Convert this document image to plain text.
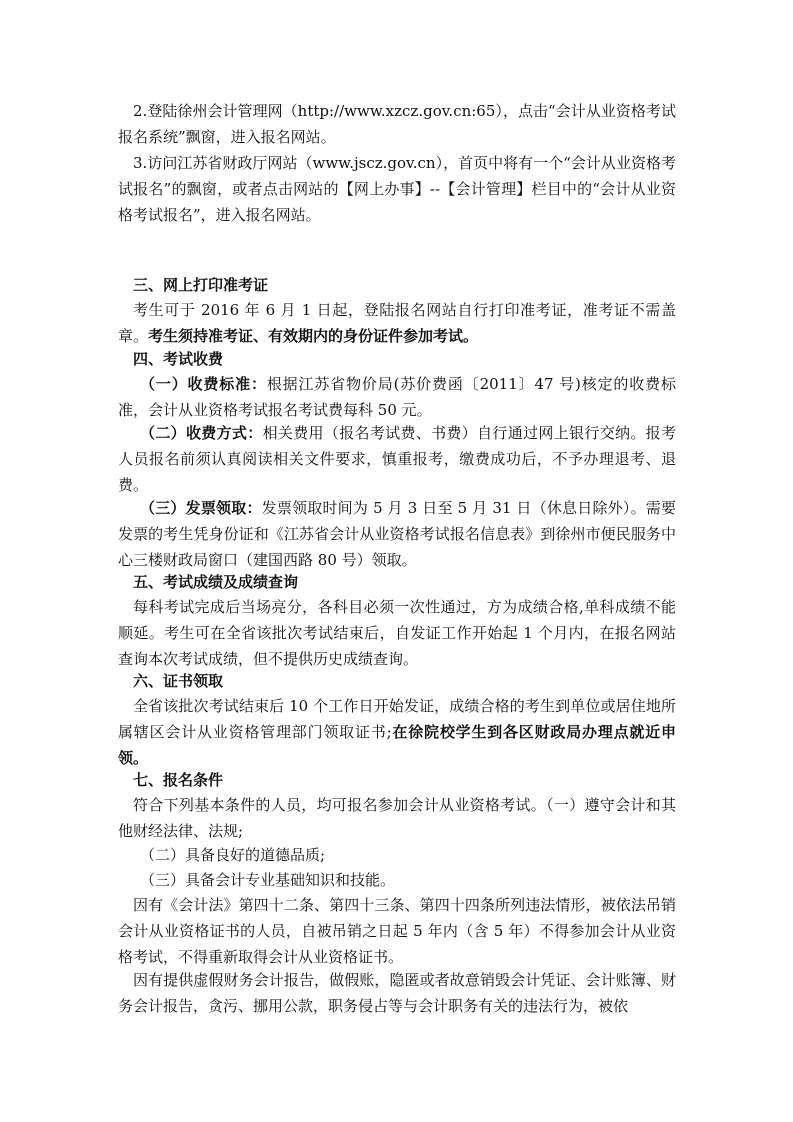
2.登陆徐州会计管理网（http://www.xzcz.gov.cn:65），点击“会计从业资格考试报名系统”飘窗，进入报名网站。

3.访问江苏省财政厅网站（www.jscz.gov.cn），首页中将有一个“会计从业资格考试报名”的飘窗，或者点击网站的【网上办事】--【会计管理】栏目中的“会计从业资格考试报名”，进入报名网站。

三、网上打印准考证

考生可于 2016 年 6 月 1 日起，登陆报名网站自行打印准考证，准考证不需盖章。考生须持准考证、有效期内的身份证件参加考试。

四、考试收费

（一）收费标准：根据江苏省物价局(苏价费函〔2011〕47 号)核定的收费标准，会计从业资格考试报名考试费每科 50 元。

（二）收费方式：相关费用（报名考试费、书费）自行通过网上银行交纳。报考人员报名前须认真阅读相关文件要求，慎重报考，缴费成功后，不予办理退考、退费。

（三）发票领取：发票领取时间为 5 月 3 日至 5 月 31 日（休息日除外）。需要发票的考生凭身份证和《江苏省会计从业资格考试报名信息表》到徐州市便民服务中心三楼财政局窗口（建国西路 80 号）领取。

五、考试成绩及成绩查询

每科考试完成后当场亮分，各科目必须一次性通过，方为成绩合格,单科成绩不能顺延。考生可在全省该批次考试结束后，自发证工作开始起 1 个月内，在报名网站查询本次考试成绩，但不提供历史成绩查询。

六、证书领取

全省该批次考试结束后 10 个工作日开始发证，成绩合格的考生到单位或居住地所属辖区会计从业资格管理部门领取证书;在徐院校学生到各区财政局办理点就近申领。

七、报名条件

符合下列基本条件的人员，均可报名参加会计从业资格考试。（一）遵守会计和其他财经法律、法规;

（二）具备良好的道德品质;

（三）具备会计专业基础知识和技能。

因有《会计法》第四十二条、第四十三条、第四十四条所列违法情形，被依法吊销会计从业资格证书的人员，自被吊销之日起 5 年内（含 5 年）不得参加会计从业资格考试，不得重新取得会计从业资格证书。

因有提供虚假财务会计报告，做假账，隐匿或者故意销毁会计凭证、会计账簿、财务会计报告，贪污、挪用公款，职务侵占等与会计职务有关的违法行为，被依
